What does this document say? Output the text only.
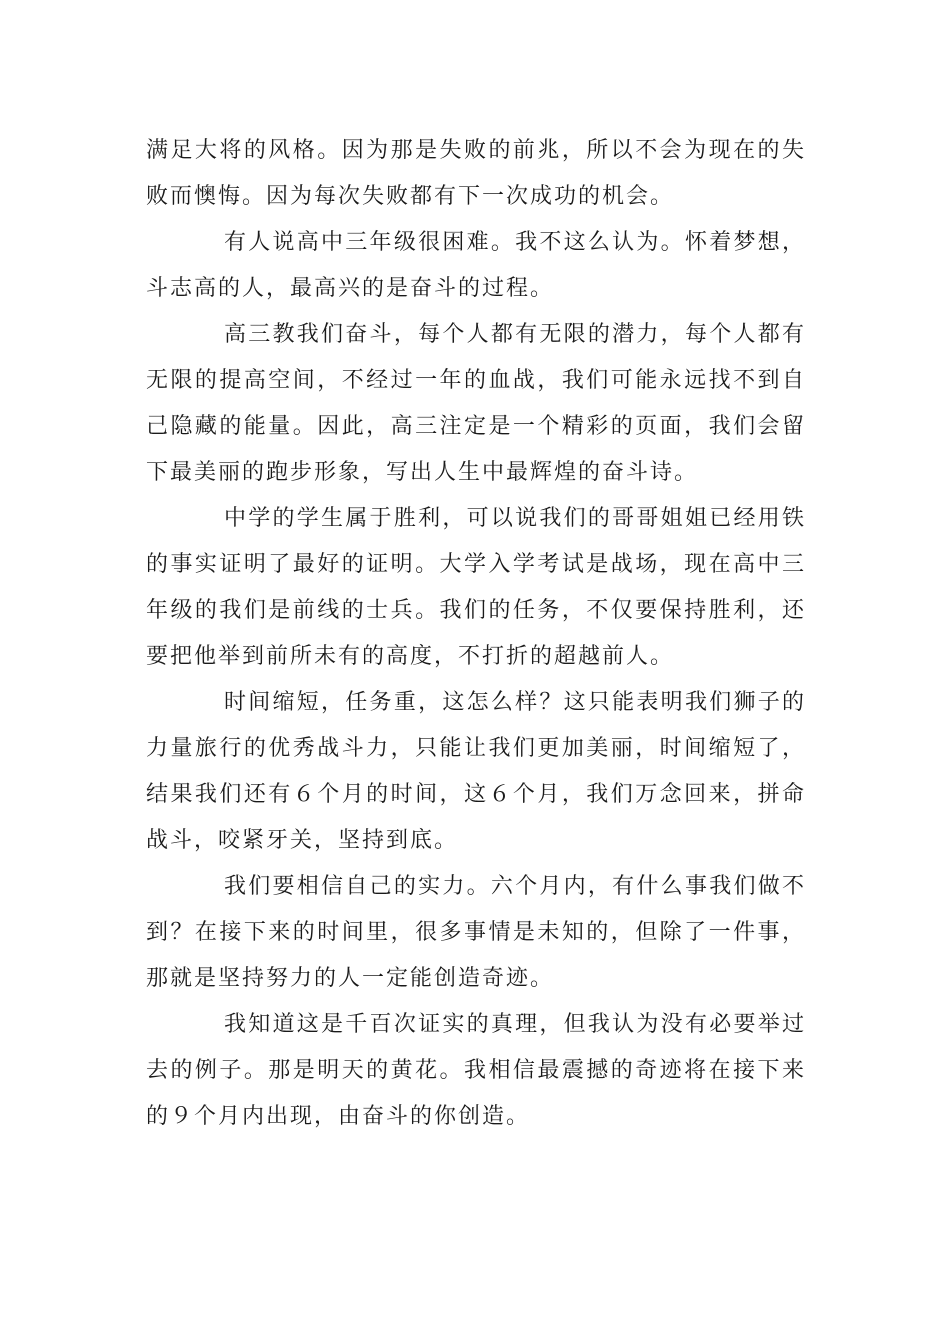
满足大将的风格。因为那是失败的前兆，所以不会为现在的失败而懊悔。因为每次失败都有下一次成功的机会。

有人说高中三年级很困难。我不这么认为。怀着梦想，斗志高的人，最高兴的是奋斗的过程。

高三教我们奋斗，每个人都有无限的潜力，每个人都有无限的提高空间，不经过一年的血战，我们可能永远找不到自己隐藏的能量。因此，高三注定是一个精彩的页面，我们会留下最美丽的跑步形象，写出人生中最辉煌的奋斗诗。

中学的学生属于胜利，可以说我们的哥哥姐姐已经用铁的事实证明了最好的证明。大学入学考试是战场，现在高中三年级的我们是前线的士兵。我们的任务，不仅要保持胜利，还要把他举到前所未有的高度，不打折的超越前人。

时间缩短，任务重，这怎么样？这只能表明我们狮子的力量旅行的优秀战斗力，只能让我们更加美丽，时间缩短了，结果我们还有６个月的时间，这６个月，我们万念回来，拼命战斗，咬紧牙关，坚持到底。

我们要相信自己的实力。六个月内，有什么事我们做不到？在接下来的时间里，很多事情是未知的，但除了一件事，那就是坚持努力的人一定能创造奇迹。

我知道这是千百次证实的真理，但我认为没有必要举过去的例子。那是明天的黄花。我相信最震撼的奇迹将在接下来的９个月内出现，由奋斗的你创造。
